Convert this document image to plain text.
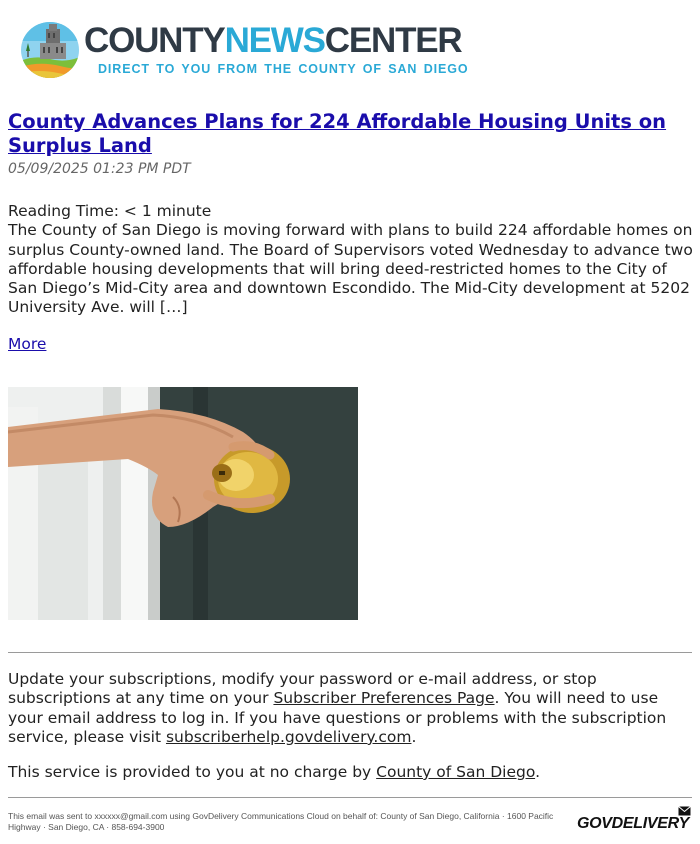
COUNTYNEWSCENTER
DIRECT TO YOU FROM THE COUNTY OF SAN DIEGO
County Advances Plans for 224 Affordable Housing Units on Surplus Land
05/09/2025 01:23 PM PDT
Reading Time: < 1 minute
The County of San Diego is moving forward with plans to build 224 affordable homes on surplus County-owned land. The Board of Supervisors voted Wednesday to advance two affordable housing developments that will bring deed-restricted homes to the City of San Diego’s Mid-City area and downtown Escondido. The Mid-City development at 5202 University Ave. will […]
More

Update your subscriptions, modify your password or e-mail address, or stop subscriptions at any time on your Subscriber Preferences Page. You will need to use your email address to log in. If you have questions or problems with the subscription service, please visit subscriberhelp.govdelivery.com.

This service is provided to you at no charge by County of San Diego.

This email was sent to xxxxxx@gmail.com using GovDelivery Communications Cloud on behalf of: County of San Diego, California · 1600 Pacific Highway · San Diego, CA · 858-694-3900	GOVDELIVERY
